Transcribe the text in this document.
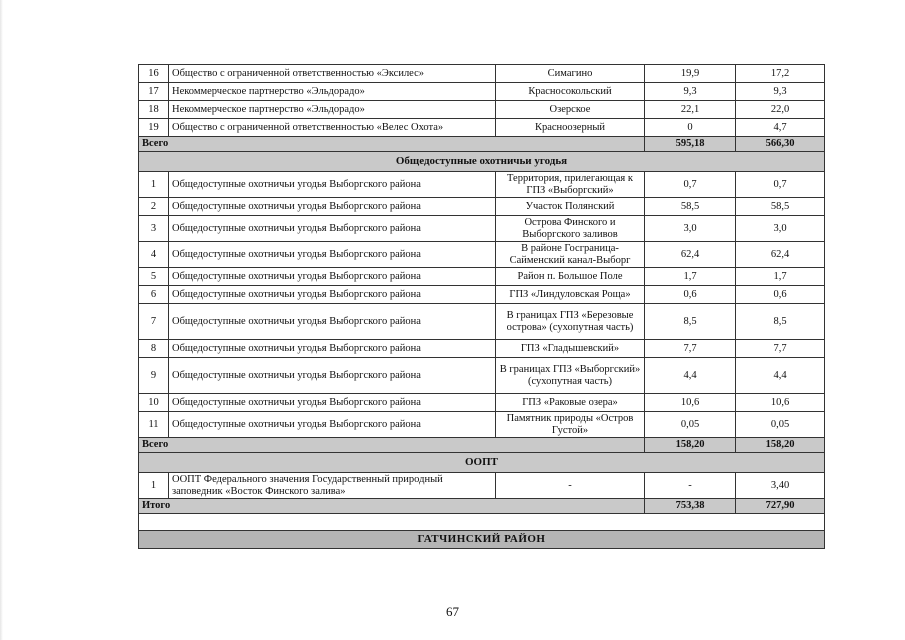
16	Общество с ограниченной ответственностью «Эксилес»	Симагино	19,9	17,2
17	Некоммерческое партнерство «Эльдорадо»	Красносокольский	9,3	9,3
18	Некоммерческое партнерство «Эльдорадо»	Озерское	22,1	22,0
19	Общество с ограниченной ответственностью «Велес Охота»	Красноозерный	0	4,7
Всего			595,18	566,30
Общедоступные охотничьи угодья				
1	Общедоступные охотничьи угодья Выборгского района	Территория, прилегающая к ГПЗ «Выборгский»	0,7	0,7
2	Общедоступные охотничьи угодья Выборгского района	Участок Полянский	58,5	58,5
3	Общедоступные охотничьи угодья Выборгского района	Острова Финского и Выборгского заливов	3,0	3,0
4	Общедоступные охотничьи угодья Выборгского района	В районе Госграница-Сайменский канал-Выборг	62,4	62,4
5	Общедоступные охотничьи угодья Выборгского района	Район п. Большое Поле	1,7	1,7
6	Общедоступные охотничьи угодья Выборгского района	ГПЗ «Линдуловская Роща»	0,6	0,6
7	Общедоступные охотничьи угодья Выборгского района	В границах ГПЗ «Березовые острова» (сухопутная часть)	8,5	8,5
8	Общедоступные охотничьи угодья Выборгского района	ГПЗ «Гладышевский»	7,7	7,7
9	Общедоступные охотничьи угодья Выборгского района	В границах ГПЗ «Выборгский» (сухопутная часть)	4,4	4,4
10	Общедоступные охотничьи угодья Выборгского района	ГПЗ «Раковые озера»	10,6	10,6
11	Общедоступные охотничьи угодья Выборгского района	Памятник природы «Остров Густой»	0,05	0,05
Всего			158,20	158,20
ООПТ				
1	ООПТ Федерального значения Государственный природный заповедник «Восток Финского залива»	-	-	3,40
Итого			753,38	727,90

ГАТЧИНСКИЙ РАЙОН				
67
